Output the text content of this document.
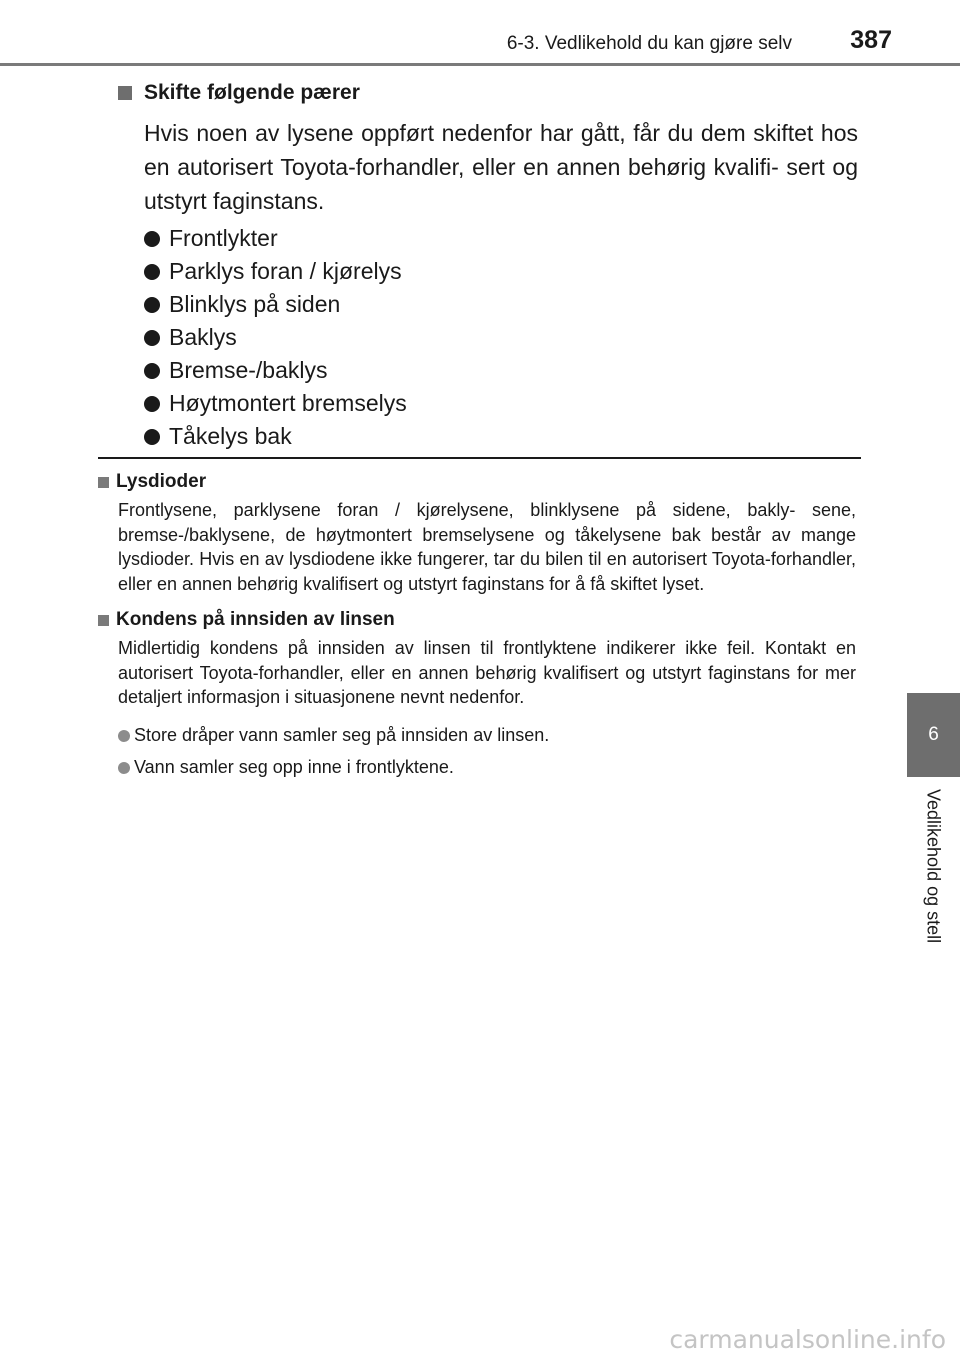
6-3. Vedlikehold du kan gjøre selv 387
6
Vedlikehold og stell
Skifte følgende pærer

Hvis noen av lysene oppført nedenfor har gått, får du dem skiftet hos en autorisert Toyota-forhandler, eller en annen behørig kvalifi- sert og utstyrt faginstans.

Frontlykter
Parklys foran / kjørelys
Blinklys på siden
Baklys
Bremse-/baklys
Høytmontert bremselys
Tåkelys bak
Lysdioder

Frontlysene, parklysene foran / kjørelysene, blinklysene på sidene, bakly- sene, bremse-/baklysene, de høytmontert bremselysene og tåkelysene bak består av mange lysdioder. Hvis en av lysdiodene ikke fungerer, tar du bilen til en autorisert Toyota-forhandler, eller en annen behørig kvalifisert og utstyrt faginstans for å få skiftet lyset.

Kondens på innsiden av linsen

Midlertidig kondens på innsiden av linsen til frontlyktene indikerer ikke feil. Kontakt en autorisert Toyota-forhandler, eller en annen behørig kvalifisert og utstyrt faginstans for mer detaljert informasjon i situasjonene nevnt nedenfor.

Store dråper vann samler seg på innsiden av linsen.
Vann samler seg opp inne i frontlyktene.
carmanualsonline.info
